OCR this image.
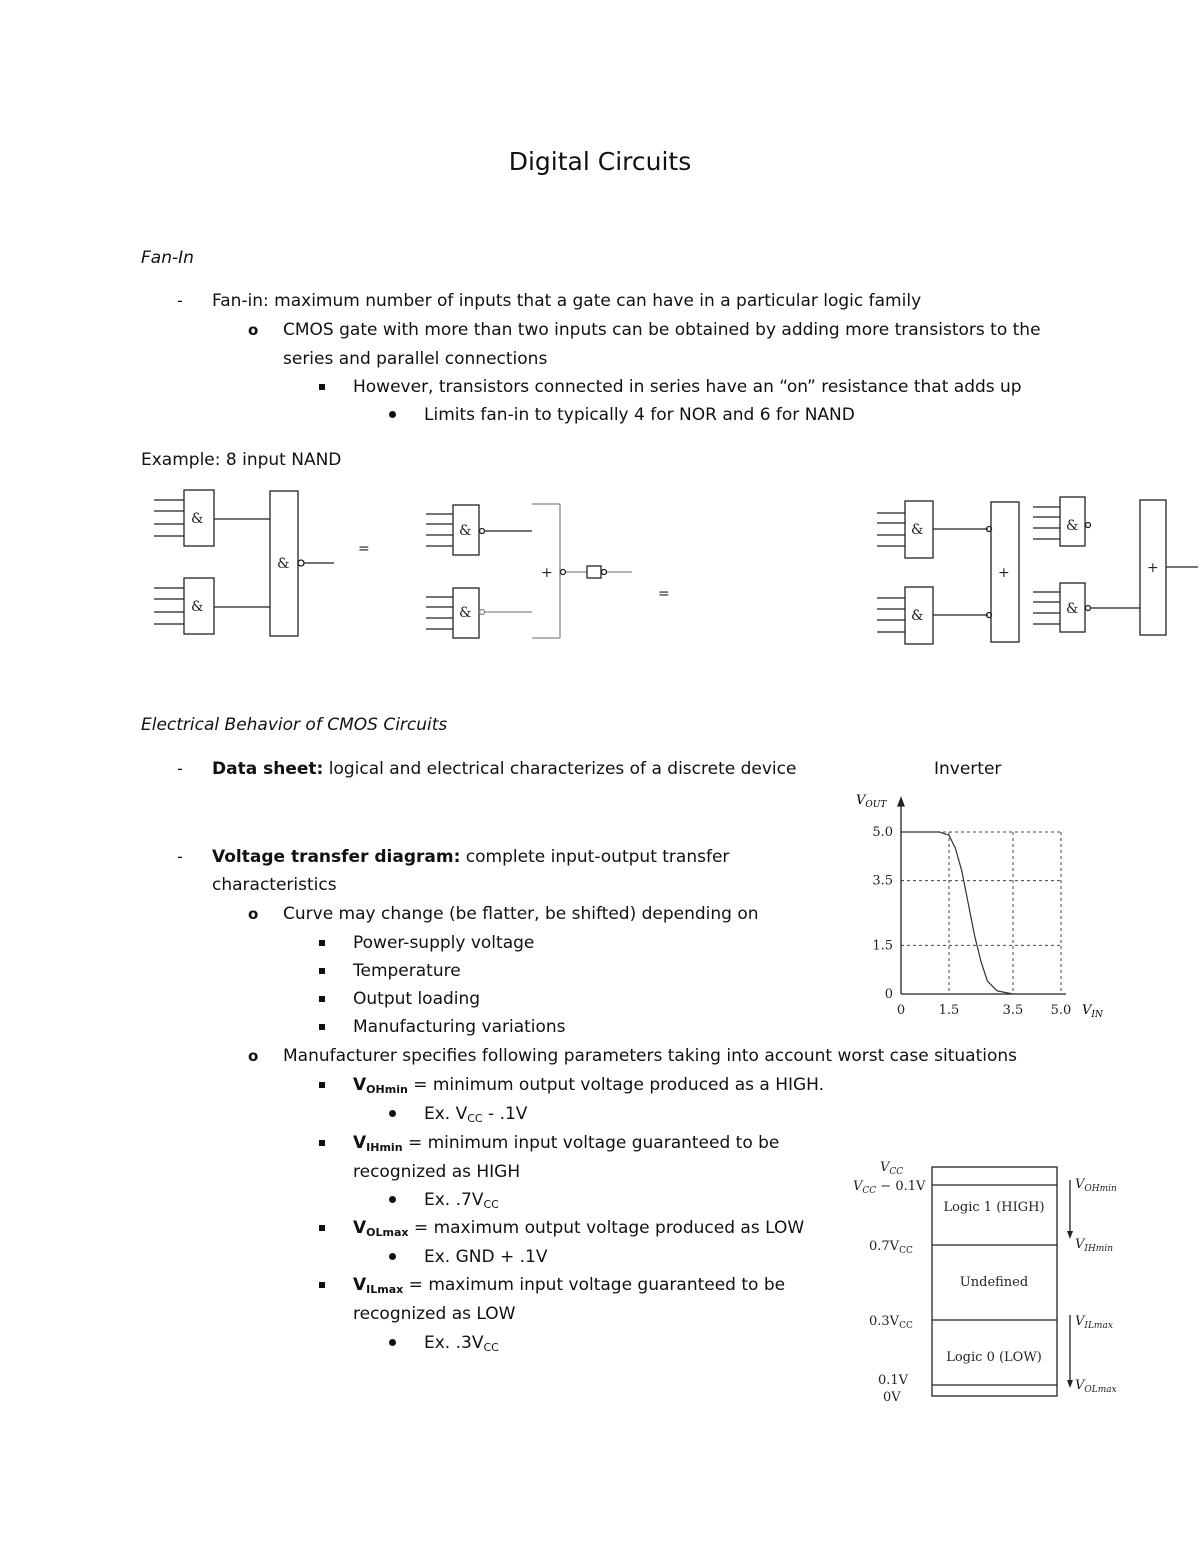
Digital Circuits
Fan-In
- Fan-in: maximum number of inputs that a gate can have in a particular logic family
o CMOS gate with more than two inputs can be obtained by adding more transistors to the
series and parallel connections
However, transistors connected in series have an “on” resistance that adds up
Limits fan-in to typically 4 for NOR and 6 for NAND
Example: 8 input NAND
&
&
&
=
&
&
+
=
&
&
+
&
&
+
Electrical Behavior of CMOS Circuits
- Data sheet: logical and electrical characterizes of a discrete device
- Voltage transfer diagram: complete input-output transfer
characteristics
o Curve may change (be flatter, be shifted) depending on
Power-supply voltage
Temperature
Output loading
Manufacturing variations
o Manufacturer specifies following parameters taking into account worst case situations
$V_{OHmin}$ = minimum output voltage produced as a HIGH.
Ex. $V_{CC} - .1V$
$V_{IHmin}$ = minimum input voltage guaranteed to be
recognized as HIGH
Ex. $.7V_{CC}$
$V_{OLmax}$ = maximum output voltage produced as LOW
Ex. GND + .1V
$V_{ILmax}$ = maximum input voltage guaranteed to be
recognized as LOW
Ex. $.3V_{CC}$
Inverter
$V_{OUT}$
$V_{IN}$
0
1.5
3.5
5.0
0	1.5	3.5 5.0
$V_{CC}$
$V_{CC} - 0.1V$
$0.7V_{CC}$
$0.3V_{CC}$
0.1V
0V
Logic 1 (HIGH)
Undefined
Logic 0 (LOW)
$V_{OHmin}$
$V_{IHmin}$
$V_{ILmax}$
$V_{OLmax}$
